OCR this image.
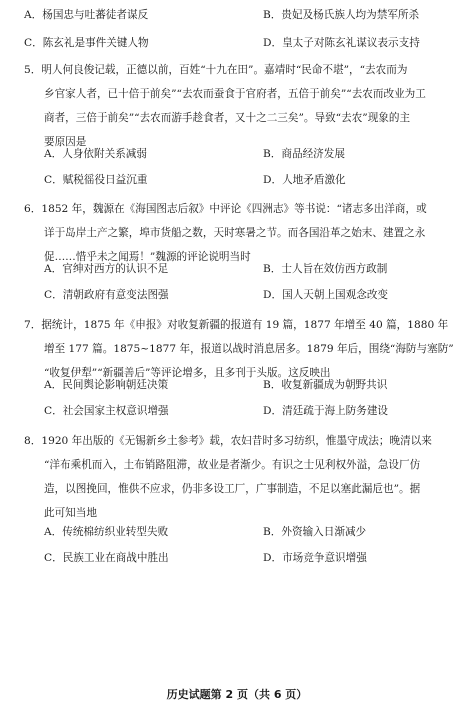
A．杨国忠与吐蕃徒者谋反	B．贵妃及杨氏族人均为禁军所杀
C．陈玄礼是事件关键人物	D．皇太子对陈玄礼谋议表示支持
5．明人何良俊记载，正德以前，百姓“十九在田”。嘉靖时“民命不堪”，“去农而为
乡官家人者，已十倍于前矣”“去农而蚕食于官府者，五倍于前矣”“去农而改业为工
商者，三倍于前矣”“去农而游手趁食者，又十之二三矣”。导致“去农”现象的主
要原因是
A．人身依附关系减弱	B．商品经济发展
C．赋税徭役日益沉重	D．人地矛盾激化
6．1852 年，魏源在《海国图志后叙》中评论《四洲志》等书说：“诸志多出洋商，或
详于岛岸土产之繁，埠市货船之数，天时寒暑之节。而各国沿革之始末、建置之永
促……惜乎未之闻焉！”魏源的评论说明当时
A．官绅对西方的认识不足	B．士人旨在效仿西方政制
C．清朝政府有意变法图强	D．国人天朝上国观念改变
7．据统计，1875 年《申报》对收复新疆的报道有 19 篇，1877 年增至 40 篇，1880 年
增至 177 篇。1875~1877 年，报道以战时消息居多。1879 年后，围绕“海防与塞防”
“收复伊犁”“新疆善后”等评论增多，且多刊于头版。这反映出
A．民间舆论影响朝廷决策	B．收复新疆成为朝野共识
C．社会国家主权意识增强	D．清廷疏于海上防务建设
8．1920 年出版的《无锡新乡土参考》载，农妇昔时多习纺织，惟墨守成法；晚清以来
“洋布乘机而入，土布销路阻滞，故业是者渐少。有识之士见利权外溢，急设厂仿
造，以图挽回，惟供不应求，仍非多设工厂，广事制造，不足以塞此漏卮也”。据
此可知当地
A．传统棉纺织业转型失败	B．外资输入日渐减少
C．民族工业在商战中胜出	D．市场竞争意识增强
历史试题第 2 页（共 6 页）
